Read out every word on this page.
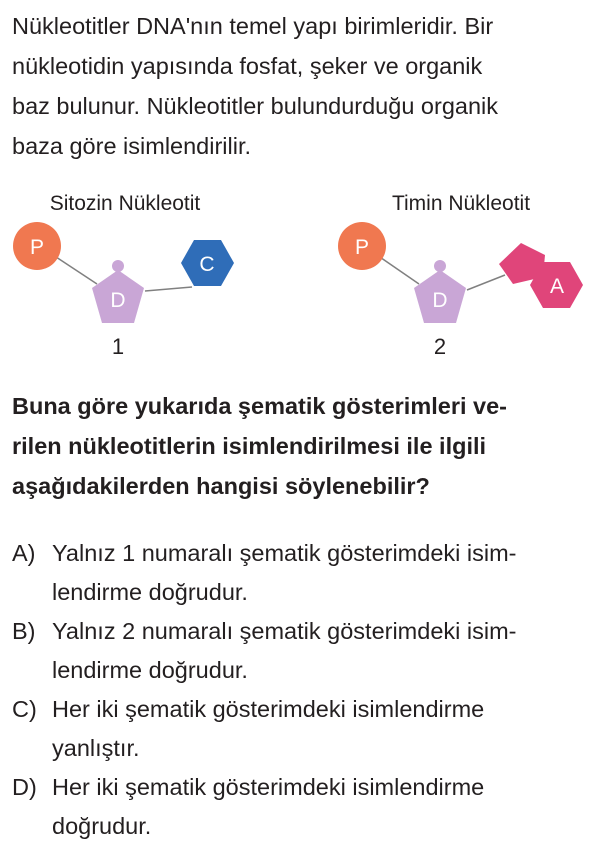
Nükleotitler DNA'nın temel yapı birimleridir. Bir
nükleotidin yapısında fosfat, şeker ve organik
baz bulunur. Nükleotitler bulundurduğu organik
baza göre isimlendirilir.

Sitozin Nükleotit
P
D
C
1
Timin Nükleotit
P
D
A
2

Buna göre yukarıda şematik gösterimleri ve-
rilen nükleotitlerin isimlendirilmesi ile ilgili
aşağıdakilerden hangisi söylenebilir?

A) Yalnız 1 numaralı şematik gösterimdeki isim-
lendirme doğrudur.
B) Yalnız 2 numaralı şematik gösterimdeki isim-
lendirme doğrudur.
C) Her iki şematik gösterimdeki isimlendirme
yanlıştır.
D) Her iki şematik gösterimdeki isimlendirme
doğrudur.
